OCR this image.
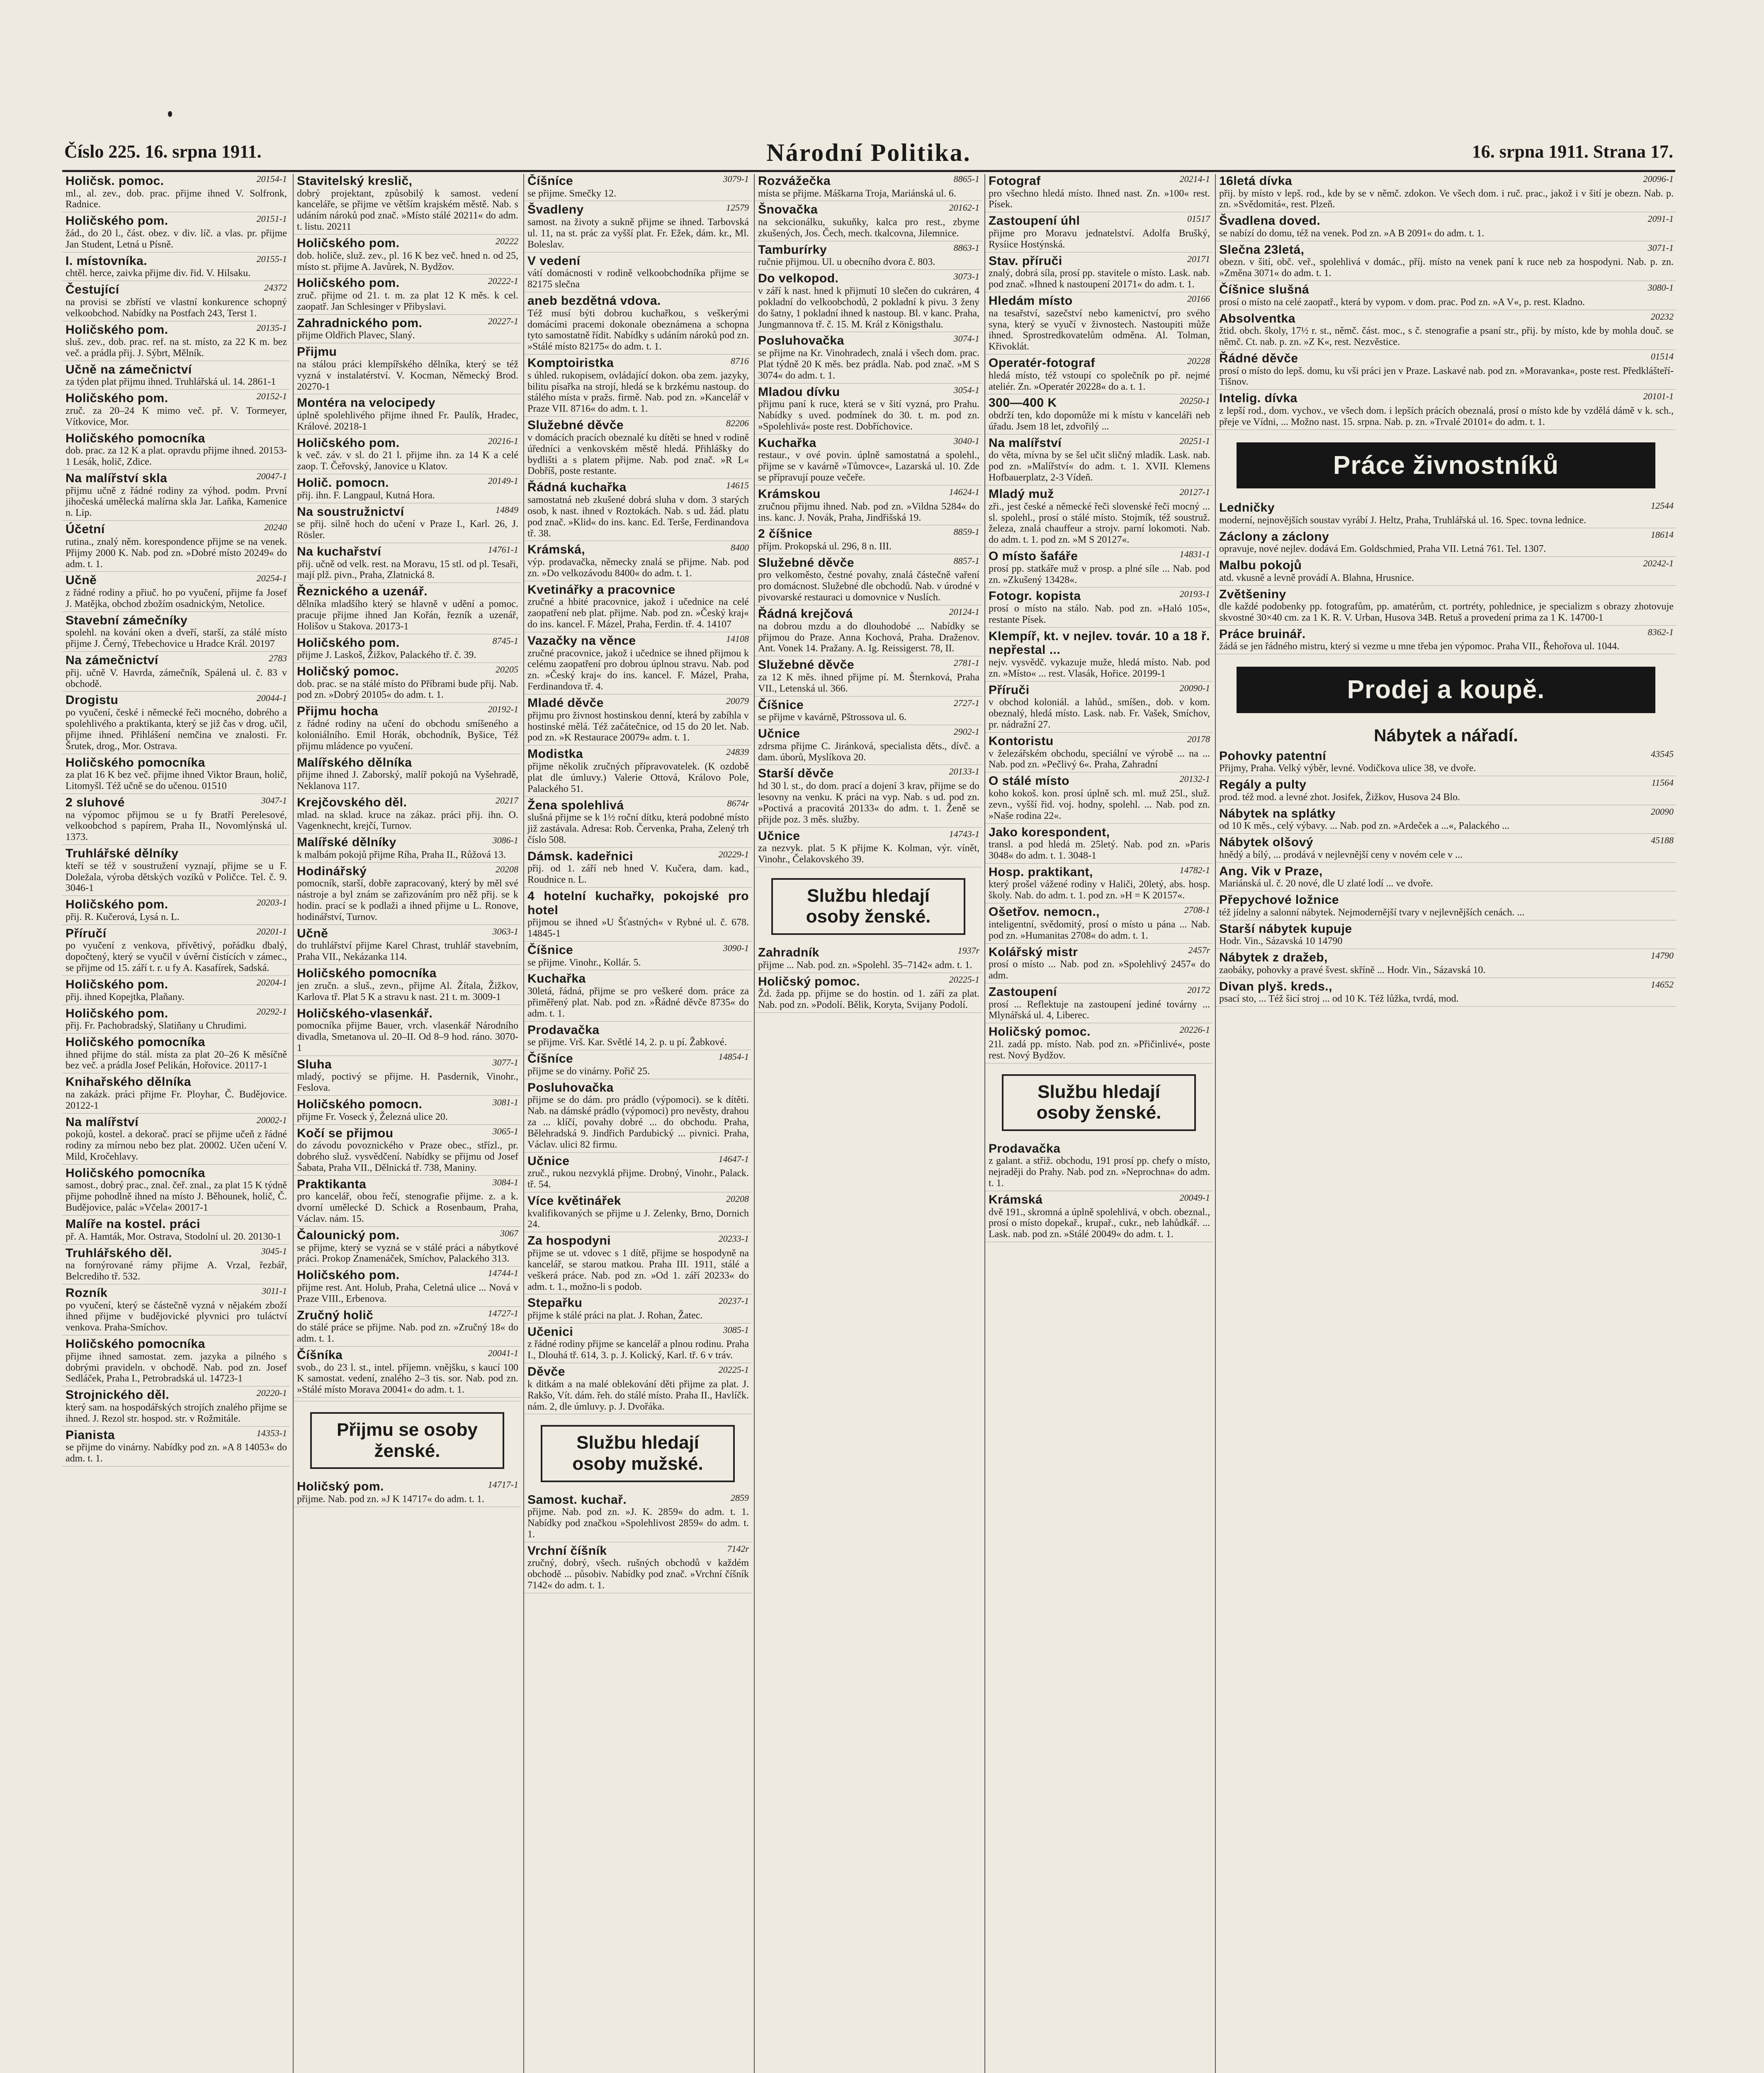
Číslo 225. 16. srpna 1911.	Národní Politika.	16. srpna 1911. Strana 17.
20154-1
Holičsk. pomoc.
ml., al. zev., dob. prac. přijme ihned V. Solfronk, Radnice.
20151-1
Holičského pom.
žád., do 20 l., část. obez. v div. líč. a vlas. pr. přijme Jan Student, Letná u Písně.
20155-1
I. místovníka.
chtěl. herce, zaivka přijme div. řid. V. Hilsaku.
24372
Čestující
na provisi se zbřístí ve vlastní konkurence schopný velkoobchod. Nabídky na Postfach 243, Terst 1.
20135-1
Holičského pom.
sluš. zev., dob. prac. ref. na st. místo, za 22 K m. bez več. a prádla přij. J. Sýbrt, Mělník.
Učně na zámečnictví
za týden plat přijmu ihned. Truhlářská ul. 14. 2861-1
20152-1
Holičského pom.
zruč. za 20–24 K mimo več. př. V. Tormeyer, Vítkovice, Mor.
Holičského pomocníka
dob. prac. za 12 K a plat. opravdu přijme ihned. 20153-1 Lesák, holič, Zdice.
20047-1
Na malířství skla
přijmu učně z řádné rodiny za výhod. podm. První jihočeská umělecká malírna skla Jar. Laňka, Kamenice n. Lip.
20240
Účetní
rutina., znalý něm. korespondence přijme se na venek. Přijmy 2000 K. Nab. pod zn. »Dobré místo 20249« do adm. t. 1.
20254-1
Učně
z řádné rodiny a přiuč. ho po vyučení, přijme fa Josef J. Matějka, obchod zbožím osadnickým, Netolice.
Stavební zámečníky
spolehl. na kování oken a dveří, starší, za stálé místo přijme J. Černý, Třebechovice u Hradce Král. 20197
2783
Na zámečnictví
přij. učně V. Havrda, zámečník, Spálená ul. č. 83 v obchodě.
20044-1
Drogistu
po vyučení, české i německé řeči mocného, dobrého a spolehlivého a praktikanta, který se již čas v drog. učil, přijme ihned. Přihlášení nemčina ve znalosti. Fr. Šrutek, drog., Mor. Ostrava.
Holičského pomocníka
za plat 16 K bez več. přijme ihned Viktor Braun, holič, Litomyšl. Též učně se do učenou. 01510
3047-1
2 sluhové
na výpomoc přijmou se u fy Bratří Perelesové, velkoobchod s papírem, Praha II., Novomlýnská ul. 1373.
Truhlářské dělníky
kteří se též v soustružení vyznají, přijme se u F. Doležala, výroba dětských vozíků v Poličce. Tel. č. 9. 3046-1
20203-1
Holičského pom.
přij. R. Kučerová, Lysá n. L.
20201-1
Příručí
po vyučení z venkova, přívětivý, pořádku dbalý, dopočtený, který se vyučil v úvěrní čistících v zámec., se přijme od 15. září t. r. u fy A. Kasafírek, Sadská.
20204-1
Holičského pom.
přij. ihned Kopejtka, Plaňany.
20292-1
Holičského pom.
přij. Fr. Pachobradský, Slatiňany u Chrudimi.
Holičského pomocníka
ihned přijme do stál. místa za plat 20–26 K měsíčně bez več. a prádla Josef Pelikán, Hořovice. 20117-1
Knihařského dělníka
na zakázk. práci přijme Fr. Ployhar, Č. Budějovice. 20122-1
20002-1
Na malířství
pokojů, kostel. a dekorač. prací se přijme učeň z řádné rodiny za mírnou nebo bez plat. 20002. Učen učení V. Mild, Kročehlavy.
Holičského pomocníka
samost., dobrý prac., znal. čeř. znal., za plat 15 K týdně přijme pohodlně ihned na místo J. Běhounek, holič, Č. Budějovice, palác »Včela« 20017-1
Malíře na kostel. práci
př. A. Hamták, Mor. Ostrava, Stodolní ul. 20. 20130-1
3045-1
Truhlářského děl.
na fornýrované rámy přijme A. Vrzal, řezbář, Belcrediho tř. 532.
3011-1
Rozník
po vyučení, který se částečně vyzná v nějakém zboží ihned přijme v budějovické plyvnici pro tuláctví venkova. Praha-Smíchov.
Holičského pomocníka
přijme ihned samostat. zem. jazyka a pilného s dobrými pravideln. v obchodě. Nab. pod zn. Josef Sedláček, Praha I., Petrobradská ul. 14723-1
20220-1
Strojnického děl.
který sam. na hospodářských strojích znalého přijme se ihned. J. Rezol str. hospod. str. v Rožmitále.
14353-1
Pianista
se přijme do vinárny. Nabídky pod zn. »A 8 14053« do adm. t. 1.
Stavitelský kreslič,
dobrý projektant, způsobilý k samost. vedení kanceláře, se přijme ve větším krajském městě. Nab. s udáním nároků pod znač. »Místo stálé 20211« do adm. t. listu. 20211
20222
Holičského pom.
dob. holiče, služ. zev., pl. 16 K bez več. hned n. od 25, místo st. přijme A. Javůrek, N. Bydžov.
20222-1
Holičského pom.
zruč. přijme od 21. t. m. za plat 12 K měs. k cel. zaopatř. Jan Schlesinger v Přibyslavi.
20227-1
Zahradnického pom.
přijme Oldřich Plavec, Slaný.
Přijmu
na stálou práci klempířského dělníka, který se též vyzná v instalatérství. V. Kocman, Německý Brod. 20270-1
Montéra na velocipedy
úplně spolehlivého přijme ihned Fr. Paulík, Hradec, Králové. 20218-1
20216-1
Holičského pom.
k več. záv. v sl. do 21 l. přijme ihn. za 14 K a celé zaop. T. Čeřovský, Janovice u Klatov.
20149-1
Holič. pomocn.
přij. ihn. F. Langpaul, Kutná Hora.
14849
Na soustružnictví
se přij. silně hoch do učení v Praze I., Karl. 26, J. Rösler.
14761-1
Na kuchařství
přij. učně od velk. rest. na Moravu, 15 stl. od pl. Tesaři, mají plž. pivn., Praha, Zlatnická 8.
Řeznického a uzenář.
dělníka mladšího který se hlavně v udění a pomoc. pracuje přijme ihned Jan Kořán, řezník a uzenář, Holišov u Stakova. 20173-1
8745-1
Holičského pom.
přijme J. Laskoš, Žižkov, Palackého tř. č. 39.
20205
Holičský pomoc.
dob. prac. se na stálé místo do Příbrami bude přij. Nab. pod zn. »Dobrý 20105« do adm. t. 1.
20192-1
Přijmu hocha
z řádné rodiny na učení do obchodu smíšeného a koloniálního. Emil Horák, obchodník, Byšice, Též přijmu mládence po vyučení.
Malířského dělníka
přijme ihned J. Zaborský, malíř pokojů na Vyšehradě, Neklanova 117.
20217
Krejčovského děl.
mlad. na sklad. kruce na zákaz. práci přij. ihn. O. Vagenknecht, krejčí, Turnov.
3086-1
Malířské dělníky
k malbám pokojů přijme Ríha, Praha II., Růžová 13.
20208
Hodinářský
pomocník, starší, dobře zapracovaný, který by měl své nástroje a byl znám se zařizováním pro něž přij. se k hodin. prací se k podlaži a ihned přijme u L. Ronove, hodinářství, Turnov.
3063-1
Učně
do truhlářství přijme Karel Chrast, truhlář stavebním, Praha VII., Nekázanka 114.
Holičského pomocníka
jen zručn. a sluš., zevn., přijme Al. Žítala, Žižkov, Karlova tř. Plat 5 K a stravu k nast. 21 t. m. 3009-1
Holičského-vlasenkář.
pomocníka přijme Bauer, vrch. vlasenkář Národního divadla, Smetanova ul. 20–II. Od 8–9 hod. ráno. 3070-1
3077-1
Sluha
mladý, poctivý se přijme. H. Pasdernik, Vinohr., Feslova.
3081-1
Holičského pomocn.
přijme Fr. Voseck ý, Železná ulice 20.
3065-1
Kočí se přijmou
do závodu povoznického v Praze obec., střízl., pr. dobrého služ. vysvědčení. Nabídky se přijmu od Josef Šabata, Praha VII., Dělnická tř. 738, Maniny.
3084-1
Praktikanta
pro kancelář, obou řečí, stenografie přijme. z. a k. dvorní umělecké D. Schick a Rosenbaum, Praha, Václav. nám. 15.
3067
Čalounický pom.
se přijme, který se vyzná se v stálé práci a nábytkové práci. Prokop Znamenáček, Smíchov, Palackého 313.
14744-1
Holičského pom.
přijme rest. Ant. Holub, Praha, Celetná ulice ... Nová v Praze VIII., Erbenova.
14727-1
Zručný holič
do stálé práce se přijme. Nab. pod zn. »Zručný 18« do adm. t. 1.
20041-1
Číšníka
svob., do 23 l. st., intel. příjemn. vnějšku, s kaucí 100 K samostat. vedení, znalého 2–3 tis. sor. Nab. pod zn. »Stálé místo Morava 20041« do adm. t. 1.
Přijmu se osoby ženské.
14717-1
Holičský pom.
přijme. Nab. pod zn. »J K 14717« do adm. t. 1.
3079-1
Číšníce
se přijme. Smečky 12.
12579
Švadleny
samost. na životy a sukně přijme se ihned. Tarbovská ul. 11, na st. prác za vyšší plat. Fr. Ežek, dám. kr., Ml. Boleslav.
V vedení
vátí domácnosti v rodině velkoobchodníka přijme se 82175 slečna
aneb bezdětná vdova.
Též musí býti dobrou kuchařkou, s veškerými domácími pracemi dokonale obeznámena a schopna tyto samostatně řídit. Nabídky s udáním nároků pod zn. »Stálé místo 82175« do adm. t. 1.
8716
Komptoiristka
s úhled. rukopisem, ovládající dokon. oba zem. jazyky, bilitu písařka na strojí, hledá se k brzkému nastoup. do stálého místa v pražs. firmě. Nab. pod zn. »Kancelář v Praze VII. 8716« do adm. t. 1.
82206
Služebné děvče
v domácích pracích obeznalé ku dítěti se hned v rodině úředníci a venkovském městě hledá. Přihlášky do bydlišti a s platem přijme. Nab. pod znač. »R L« Dobříš, poste restante.
14615
Řádná kuchařka
samostatná neb zkušené dobrá sluha v dom. 3 starých osob, k nast. ihned v Roztokách. Nab. s ud. žád. platu pod znač. »Klid« do ins. kanc. Ed. Terše, Ferdinandova tř. 38.
8400
Krámská,
výp. prodavačka, německy znalá se přijme. Nab. pod zn. »Do velkozávodu 8400« do adm. t. 1.
Kvetinářky a pracovnice
zručné a hbité pracovnice, jakož i učednice na celé zaopatření neb plat. přijme. Nab. pod zn. »Český kraj« do ins. kancel. F. Mázel, Praha, Ferdin. tř. 4. 14107
14108
Vazačky na věnce
zručné pracovnice, jakož i učednice se ihned přijmou k celému zaopatření pro dobrou úplnou stravu. Nab. pod zn. »Český kraj« do ins. kancel. F. Mázel, Praha, Ferdinandova tř. 4.
20079
Mladé děvče
přijmu pro živnost hostinskou denní, která by zabíhla v hostinské mělá. Též začátečnice, od 15 do 20 let. Nab. pod zn. »K Restaurace 20079« adm. t. 1.
24839
Modistka
přijme několik zručných přípravovatelek. (K ozdobě plat dle úmluvy.) Valerie Ottová, Královo Pole, Palackého 51.
8674r
Žena spolehlivá
slušná přijme se k 1½ roční dítku, která podobné místo již zastávala. Adresa: Rob. Červenka, Praha, Zelený trh číslo 508.
20229-1
Dámsk. kadeřnici
přij. od 1. září neb hned V. Kučera, dam. kad., Roudnice n. L.
4 hotelní kuchařky, pokojské pro hotel
přijmou se ihned »U Šťastných« v Rybné ul. č. 678. 14845-1
3090-1
Číšnice
se přijme. Vinohr., Kollár. 5.
Kuchařka
30letá, řádná, přijme se pro veškeré dom. práce za přiměřený plat. Nab. pod zn. »Řádné děvče 8735« do adm. t. 1.
Prodavačka
se přijme. Vrš. Kar. Světlé 14, 2. p. u pí. Žabkové.
14854-1
Číšníce
přijme se do vinárny. Pořič 25.
Posluhovačka
přijme se do dám. pro prádlo (výpomoci). se k dítěti. Nab. na dámské prádlo (výpomoci) pro nevěsty, drahou za ... klíčí, povahy dobré ... do obchodu. Praha, Bělehradská 9. Jindřich Pardubický ... pivnici. Praha, Václav. ulici 82 firmu.
14647-1
Učnice
zruč., rukou nezvyklá přijme. Drobný, Vinohr., Palack. tř. 54.
20208
Více květinářek
kvalifikovaných se přijme u J. Zelenky, Brno, Dornich 24.
20233-1
Za hospodyni
přijme se ut. vdovec s 1 dítě, přijme se hospodyně na kancelář, se starou matkou. Praha III. 1911, stálé a veškerá práce. Nab. pod zn. »Od 1. září 20233« do adm. t. 1., možno-li s podob.
20237-1
Stepařku
přijme k stálé práci na plat. J. Rohan, Žatec.
3085-1
Učenici
z řádné rodiny přijme se kancelář a plnou rodinu. Praha I., Dlouhá tř. 614, 3. p. J. Kolický, Karl. tř. 6 v tráv.
20225-1
Děvče
k ditkám a na malé oblekování děti přijme za plat. J. Rakšo, Vít. dám. řeh. do stálé místo. Praha II., Havlíčk. nám. 2, dle úmluvy. p. J. Dvořáka.
Službu hledají osoby mužské.
2859
Samost. kuchař.
přijme. Nab. pod zn. »J. K. 2859« do adm. t. 1. Nabídky pod značkou »Spolehlivost 2859« do adm. t. 1.
7142r
Vrchní číšník
zručný, dobrý, všech. rušných obchodů v každém obchodě ... působiv. Nabídky pod znač. »Vrchní číšník 7142« do adm. t. 1.
8865-1
Rozvážečka
místa se přijme. Máškarna Troja, Mariánská ul. 6.
20162-1
Šnovačka
na sekcionálku, sukuňky, kalca pro rest., zbyme zkušených, Jos. Čech, mech. tkalcovna, Jilemnice.
8863-1
Tamburírky
ručnie přijmou. Ul. u obecního dvora č. 803.
3073-1
Do velkopod.
v září k nast. hned k přijmutí 10 slečen do cukráren, 4 pokladní do velkoobchodů, 2 pokladní k pivu. 3 ženy do šatny, 1 pokladní ihned k nastoup. Bl. v kanc. Praha, Jungmannova tř. č. 15. M. Král z Königsthalu.
3074-1
Posluhovačka
se přijme na Kr. Vinohradech, znalá i všech dom. prac. Plat týdně 20 K měs. bez prádla. Nab. pod znač. »M S 3074« do adm. t. 1.
3054-1
Mladou dívku
přijmu paní k ruce, která se v šití vyzná, pro Prahu. Nabídky s uved. podmínek do 30. t. m. pod zn. »Spolehlivá« poste rest. Dobříchovice.
3040-1
Kuchařka
restaur., v ové povin. úplně samostatná a spolehl., přijme se v kavárně »Tůmovce«, Lazarská ul. 10. Zde se přípravují pouze večeře.
14624-1
Krámskou
zručnou přijmu ihned. Nab. pod zn. »Vildna 5284« do ins. kanc. J. Novák, Praha, Jindřišská 19.
8859-1
2 číšnice
příjm. Prokopská ul. 296, 8 n. III.
8857-1
Služebné děvče
pro velkoměsto, čestné povahy, znalá částečně vaření pro domácnost. Služebné dle obchodů. Nab. v úrodné v pivovarské restauraci u domovnice v Nuslích.
20124-1
Řádná krejčová
na dobrou mzdu a do dlouhodobé ... Nabídky se přijmou do Praze. Anna Kochová, Praha. Draženov. Ant. Vonek 14. Pražany. A. Ig. Reissigerst. 78, II.
2781-1
Služebné děvče
za 12 K měs. ihned přijme pí. M. Šternková, Praha VII., Letenská ul. 366.
2727-1
Číšnice
se přijme v kavárně, Pštrossova ul. 6.
2902-1
Učnice
zdrsma přijme C. Jiránková, specialista děts., dívč. a dam. úborů, Myslíkova 20.
20133-1
Starší děvče
hd 30 l. st., do dom. prací a dojení 3 krav, přijme se do lesovny na venku. K práci na vyp. Nab. s ud. pod zn. »Poctivá a pracovitá 20133« do adm. t. 1. Ženě se přijde poz. 3 měs. služby.
14743-1
Učnice
za nezvyk. plat. 5 K přijme K. Kolman, výr. vínět, Vinohr., Čelakovského 39.
Službu hledají osoby ženské.
1937r
Zahradník
přijme ... Nab. pod. zn. »Spolehl. 35–7142« adm. t. 1.
20225-1
Holičský pomoc.
Žd. žada pp. přijme se do hostin. od 1. září za plat. Nab. pod zn. »Podolí. Bělik, Koryta, Svijany Podolí.
20214-1
Fotograf
pro všechno hledá místo. Ihned nast. Zn. »100« rest. Písek.
01517
Zastoupení úhl
přijme pro Moravu jednatelství. Adolfa Brušký, Rysíice Hostýnská.
20171
Stav. příruči
znalý, dobrá síla, prosí pp. stavitele o místo. Lask. nab. pod znač. »Ihned k nastoupení 20171« do adm. t. 1.
20166
Hledám místo
na tesařství, sazečství nebo kamenictví, pro svého syna, který se vyučí v živnostech. Nastoupiti může ihned. Sprostredkovatelům odměna. Al. Tolman, Křivoklát.
20228
Operatér-fotograf
hledá místo, též vstoupí co společník po př. nejmé ateliér. Zn. »Operatér 20228« do a. t. 1.
20250-1
300—400 K
obdrží ten, kdo dopomůže mi k místu v kanceláři neb úřadu. Jsem 18 let, zdvořilý ...
20251-1
Na malířství
do věta, mívna by se šel učit sličný mladík. Lask. nab. pod zn. »Malířství« do adm. t. 1. XVII. Klemens Hofbauerplatz, 2-3 Vídeň.
20127-1
Mladý muž
zři., jest české a německé řeči slovenské řeči mocný ... sl. spolehl., prosí o stálé místo. Stojmík, též soustruž. železa, znalá chauffeur a strojv. parní lokomoti. Nab. do adm. t. 1. pod zn. »M S 20127«.
14831-1
O místo šafáře
prosí pp. statkáře muž v prosp. a plné síle ... Nab. pod zn. »Zkušený 13428«.
20193-1
Fotogr. kopista
prosí o místo na stálo. Nab. pod zn. »Haló 105«, restante Písek.
Klempíř, kt. v nejlev. továr. 10 a 18 ř. nepřestal ...
nejv. vysvědč. vykazuje muže, hledá místo. Nab. pod zn. »Místo« ... rest. Vlasák, Hořice. 20199-1
20090-1
Příruči
v obchod koloniál. a lahůd., smíšen., dob. v kom. obeznalý, hledá místo. Lask. nab. Fr. Vašek, Smíchov, pr. nádražní 27.
20178
Kontoristu
v železářském obchodu, speciální ve výrobě ... na ... Nab. pod zn. »Pečlivý 6«. Praha, Zahradní
20132-1
O stálé místo
koho kokoš. kon. prosí úplně sch. ml. muž 25l., služ. zevn., vyšší řid. voj. hodny, spolehl. ... Nab. pod zn. »Naše rodina 22«.
Jako korespondent,
transl. a pod hledá m. 25letý. Nab. pod zn. »Paris 3048« do adm. t. 1. 3048-1
14782-1
Hosp. praktikant,
který prošel vážené rodiny v Haliči, 20letý, abs. hosp. školy. Nab. do adm. t. 1. pod zn. »H = K 20157«.
2708-1
Ošetřov. nemocn.,
inteligentní, svědomitý, prosí o místo u pána ... Nab. pod zn. »Humanitas 2708« do adm. t. 1.
2457r
Kolářský mistr
prosí o místo ... Nab. pod zn. »Spolehlivý 2457« do adm.
20172
Zastoupení
prosí ... Reflektuje na zastoupení jediné továrny ... Mlynářská ul. 4, Liberec.
20226-1
Holičský pomoc.
21l. zadá pp. místo. Nab. pod zn. »Přičinlivé«, poste rest. Nový Bydžov.
Službu hledají osoby ženské.
Prodavačka
z galant. a střiž. obchodu, 191 prosí pp. chefy o místo, nejraději do Prahy. Nab. pod zn. »Neprochna« do adm. t. 1.
20049-1
Krámská
dvě 191., skromná a úplně spolehlivá, v obch. obeznal., prosí o místo dopekař., krupař., cukr., neb lahůdkář. ... Lask. nab. pod zn. »Stálé 20049« do adm. t. 1.
20096-1
16letá dívka
přij. by místo v lepš. rod., kde by se v němč. zdokon. Ve všech dom. i ruč. prac., jakož i v šití je obezn. Nab. p. zn. »Svědomitá«, rest. Plzeň.
2091-1
Švadlena doved.
se nabízí do domu, též na venek. Pod zn. »A B 2091« do adm. t. 1.
3071-1
Slečna 23letá,
obezn. v šití, obč. veř., spolehlivá v domác., příj. místo na venek paní k ruce neb za hospodyni. Nab. p. zn. »Změna 3071« do adm. t. 1.
3080-1
Číšnice slušná
prosí o místo na celé zaopatř., která by vypom. v dom. prac. Pod zn. »A V«, p. rest. Kladno.
20232
Absolventka
žtid. obch. školy, 17½ r. st., němč. část. moc., s č. stenografie a psaní str., přij. by místo, kde by mohla douč. se němč. Ct. nab. p. zn. »Z K«, rest. Nezvěstice.
01514
Řádné děvče
prosí o místo do lepš. domu, ku vši práci jen v Praze. Laskavé nab. pod zn. »Moravanka«, poste rest. Předklášteří-Tišnov.
20101-1
Intelig. dívka
z lepší rod., dom. vychov., ve všech dom. i lepších prácích obeznalá, prosí o místo kde by vzdělá dámě v k. sch., přeje ve Vídni, ... Možno nast. 15. srpna. Nab. p. zn. »Trvalé 20101« do adm. t. 1.
Práce živnostníků
12544
Ledničky
moderní, nejnovějších soustav vyrábí J. Heltz, Praha, Truhlářská ul. 16. Spec. tovna lednice.
18614
Záclony a záclony
opravuje, nové nejlev. dodává Em. Goldschmied, Praha VII. Letná 761. Tel. 1307.
20242-1
Malbu pokojů
atd. vkusně a levně provádí A. Blahna, Hrusnice.
Zvětšeniny
dle každé podobenky pp. fotografům, pp. amatérům, ct. portréty, pohlednice, je specializm s obrazy zhotovuje skvostné 30×40 cm. za 1 K. R. V. Urban, Husova 34B. Retuš a provedení prima za 1 K. 14700-1
8362-1
Práce bruinář.
žádá se jen řádného mistru, který si vezme u mne třeba jen výpomoc. Praha VII., Řehořova ul. 1044.
Prodej a koupě.
Nábytek a nářadí.
43545
Pohovky patentní
Přijmy, Praha. Velký výběr, levné. Vodičkova ulice 38, ve dvoře.
11564
Regály a pulty
prod. též mod. a levné zhot. Josifek, Žižkov, Husova 24 Blo.
20090
Nábytek na splátky
od 10 K měs., celý výbavy. ... Nab. pod zn. »Ardeček a ...«, Palackého ...
45188
Nábytek olšový
hnědý a bílý, ... prodává v nejlevnější ceny v novém cele v ...
Ang. Vik v Praze,
Mariánská ul. č. 20 nové, dle U zlaté lodí ... ve dvoře.
Přepychové ložnice
též jídelny a salonní nábytek. Nejmodernější tvary v nejlevnějších cenách. ...
Starší nábytek kupuje
Hodr. Vin., Sázavská 10 14790
14790
Nábytek z dražeb,
zaobáky, pohovky a pravé švest. skříně ... Hodr. Vin., Sázavská 10.
14652
Divan plyš. kreds.,
psací sto, ... Též šicí stroj ... od 10 K. Též lůžka, tvrdá, mod.
